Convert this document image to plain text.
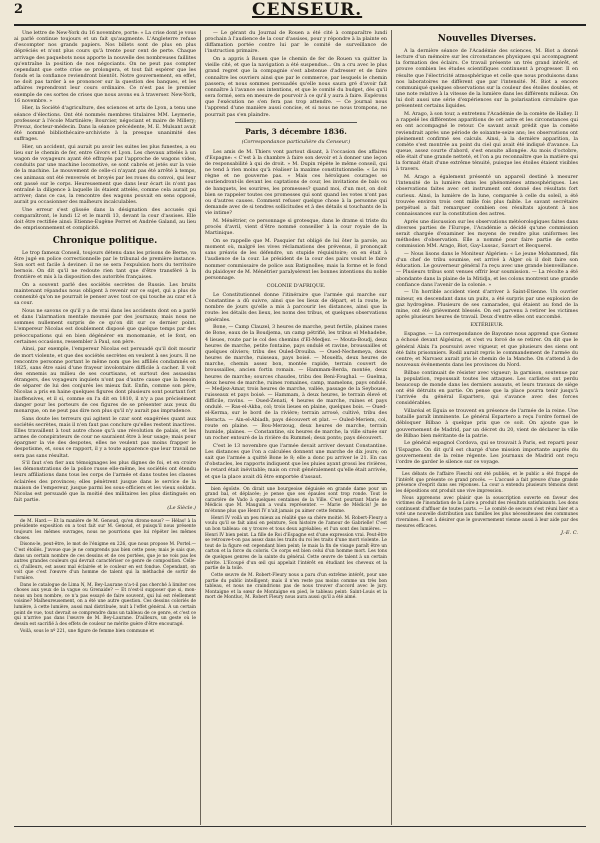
2	CENSEUR.

Une lettre de New-York du 16 novembre, porte: « La crise dont je vous ai parlé continue toujours et un fait qu'augmente. L'Angleterre refuse d'escompter nos grands papiers. Nos billets sont de plus en plus dépréciés et n'ont plus cours qu'à trente pour cent de perte. Chaque arrivage des paquebots nous apporte la nouvelle des nombreuses faillites qu'entraîne la position de nos négociants. On ne peut pas compter cependant que cette crise se prolongera, et tout fait espérer que les fonds et la confiance reviendront bientôt. Notre gouvernement, en effet, ne doit pas tarder à se prononcer sur la question des banques, et les affaires reprendront leur cours ordinaire. Ce n'est pas le premier exemple de ces sortes de crises que nous avons eu à traverser. New-York, 16 novembre. »

Hier, la Société d'agriculture, des sciences et arts de Lyon, a tenu une séance d'élections. Ont été nommés membres titulaires MM. Leymerie, professeur à l'école Martinière; Bourcier, négociant et maire de Millery; Prevaz, docteur-médecin. Dans la séance précédente, M. E. Mulsant avait été nommé bibliothécaire-archiviste à la presque unanimité des suffrages.

Hier, un accident, qui aurait pu avoir les suites les plus funestes, a eu lieu sur le chemin de fer, entre Givors et Lyon. Les chevaux attelés à un wagon de voyageurs ayant été effrayés par l'approche de wagons vides, conduits par une machine locomotive, se sont cabrés et jetés sur la voie de la machine. Le mouvement de celle-ci n'ayant pas été arrêté à temps, ces animaux ont été renversés et broyés par les roues du convoi, qui leur ont passé sur le corps. Heureusement que dans leur écart ils n'ont pas entraîné la diligence à laquelle ils étaient attelés, comme cela aurait pu arriver; dans ce cas, la rencontre des wagons pouvait en sens opposé, aurait pu occasionner des malheurs incalculables.

Une erreur s'est glissée dans la désignation des accusés qui comparaîtront, le lundi 12 et le mardi 13, devant la cour d'assises. Elle doit être rectifiée ainsi: Etienne-Eugène Perret et Andrée Galand, au lieu de: emprisonnement et complicité.

Chronique politique.

Le trop fameux Conseil, toujours détenu dans les prisons de Berne, va être jugé en police correctionnelle par le tribunal de première instance. Son sort est facile à deviner: il ne se sera l'expulsion hors du territoire bernois. On dit qu'il ne redoute rien tant que d'être transféré à la frontière et mis à la disposition des autorités françaises.

On a souvent parlé des sociétés secrètes de Russie. Les bruits maintenant répandus nous obligent à revenir sur ce sujet, qui a plus de connexité qu'on ne pourrait le penser avec tout ce qui touche au czar et à sa cour.

Nous ne savons ce qu'il y a de vrai dans les accidents dont on a parlé et dans l'alarmation mentale mounée par des journaux; mais nous ne sommes nullement surpris de ce qu'on dit sur ce dernier point. L'empereur Nicolas est doublement disposé que quelque temps par des préoccupations qui en bien dégénérer en monomanie, et le font, en certaines occasions, ressembler à Paul, son père.

Ainsi, par exemple, l'empereur Nicolas est persuadé qu'il doit mourir de mort violente, et que des sociétés secrètes en veulent à ses jours. Il ne rencontre personne portant le même nom que les affiliés condamnés en 1825, sans être saisi d'une frayeur involontaire difficile à cacher. Il voit des ennemis au milieu de ses courtisans, et surtout des assassins étrangers, des voyageurs inquiets n'ont pas d'autre cause que la besoin de séparer de lui des conjurés les mieux fait. Enfin, comme son père, Nicolas a pris en haine quelques figures dont plusieurs sont pourtant fort inoffensives, et il si, comme on l'a dit en 1810, il n'y a pas précisément danger pour les porteurs de ces figures de se présenter aux yeux du monarque, on ne peut pas dire non plus qu'il n'y aurait pas imprudence.

Sans doute les terreurs qui agitent le czar sont exagérées quant aux sociétés secrètes, mais il n'en faut pas conclure qu'elles restent inactives. Elles travaillent à tout autre chose qu'à une révolution de palais, et les armes de conspirateurs de cour ne sauraient être à leur usage; mais pour épargner la vie des despotes, elles ne veulent pas moins frapper le despotisme, et, sous ce rapport, il y a toute apparence que leur travail ne sera pas sans résultat.

S'il faut s'en fier aux témoignages les plus dignes de foi, et en croire les démonstrations de la police russe elle-même, les sociétés ont étendu leurs affiliations dans tous les corps de l'armée et dans toutes les classes éclairées des provinces; elles pénètrent jusque dans le service de la maison de l'empereur, jusque parmi les sous-officiers et les vieux soldats. Nicolas est persuadé que la moitié des militaires les plus distingués en fait partie.

(Le Siècle.)

de M. Hard.— Et la manière de M. Genoud, qu'en dirons-nous? — Hélas! à la présidente exposition on a tout fait sur M. Genoud, et puisqu'il nous présente toujours les mêmes ouvrages, nous ne pourrions que lui répéter les mêmes choses.

Disons-le, peut-être, le mot de l'énigme en 226, que nous propose M. Portel.— C'est étoilés. J'avoue que je ne comprends pas bien cette pose; mais je sais que, dans un certain nombre de ces dessins et de ces portées, que je ne vois pas les autres grandes couleurs qui devrait caractériser ce genre de composition. Celle-ci, d'ailleurs, est assez mal éclairée et le couleur en est fondue. Cependant, on voit que c'est l'œuvre d'un homme de talent qui la mèthaché de sortir de l'ornière.

Dans le catalogue de Lima N, M. Bey-Laurane n'a-t-il pas cherché à limiter ces choses aux yeux de la vague ou Grenaide? — Et n'est-il supposer que si, mon-nous un bon nombre, ce n'a pas essayé de faire souvent, qui lui est réellement voisine? Malheureusement, on a été une autre question. Ces dessins coloriés de lumière, à cette lumière, aussi mal distribuée, nuit à l'effet général. À un certain point de vue, tout devrait se comprendre dans un tableau de ce genre, et c'est ce qui n'arrive pas dans l'œuvre de M. Bey-Laurane. D'ailleurs, un geste où le dessin est sacrifié à des effets de couleur ne mérite guère d'être encouragé.

Voilà, sous le nº 221, une figure de femme bien commune et

— Le gérant du Journal de Rouen a été cité à comparaître lundi prochain à l'audience de la cour d'assises, pour y répondre à la plainte en diffamation portée contre lui par le comité de surveillance de l'instruction primaire.

On a appris à Rouen que le chemin de fer de Rouen va quitter la vieille cité, et que la navigation a été suspendue... On a cru avec le plus grand regret que la compagnie s'est abstenue d'adresser et de faire connaître les ouvriers ainsi que par le commerce, par lesquels le chemin passera; et nous sommes persuadés qu'elle nous saura gré d'avoir fait connaître à l'avance ses intentions, et que le comité du budget, dès qu'il sera formé, sera en mesure de pourvoir à ce qu'il y aura à faire. Espérons que l'exécution ne s'en fera pas trop attendre. — Ce journal nous l'apprend d'une manière aussi concise, et si nous ne nous trompons, ne pourrait pas s'en plaindre.

Paris, 3 décembre 1836.
(Correspondance particulière du Censeur.)

Les amis de M. Thiers vont partout disant, à l'occasion des affaires d'Espagne: « C'est à la chambre à faire son devoir et à donner une leçon de responsabilité à qui de droit. » M. Dupin répète le même conseil, qui ne tend à rien moins qu'à réaliser la maxime constitutionnelle: « Le roi règne et ne gouverne pas. » Mais ces héroïques courages se soutiendront-ils devant les captations de cour, les invitations de bals ou de banquets, les sourires, les promesses? quand moi, d'un mot, on doit bien se rappeler toutes ces promesses qui sont quand les votes n'ont pas ou d'autres causes. Comment refuser quelque chose à la personne qui demande avec de si tendres sollicitudes et à des détails si touchants de la vie intime?

M. Ménétrier, ce personnage si grotesque, dans le drame si triste du procès d'avril, vient d'être nommé conseiller à la cour royale de la Martinique.

On se rappelle que M. Pasquier fut obligé de lui ôter la parole, au moment où, malgré les vives réclamations des prévenus, il prononçait sans préavis de les défendre, un stupide réquisitoire; on en était à l'audience de la cour. Le président de la cour des pairs voulut le faire nommer commissaire de police aux Batignolles; mais la forme et le fond du plaidoyer de M. Ménétrier paralysèrent les bonnes intentions du noble personnage.

COLONIE D'AFRIQUE.

Le Constitutionnel donne l'itinéraire que l'armée qui marche sur Constantine a dû suivre, ainsi que les lieux de départ, et la route, le nombre de jours qu'elle a mis à parcourir les distances, ainsi que la route: les détails des lieux, les noms des tribus, et quelques observations générales.

Bone, — Camp Clauzel, 3 heures de marche, peut fertile, plaines rases de Bone, eaux de la Boudjema, un camp pétrifié, les tribus el Mehadebe, 4 lieues, route par le col des chemins d'El-Medjez. — Mouta-Boudj, deux heures de marche, petite fontaine, pays ondulé et ravine, broussailles et quelques oliviers; tribu des Ouled-Drouiba. — Oued-Nechemeya, deux heures de marche, ruisseau, pays boisé. — Mouelfa, deux heures de marche, chemin assez bon, montée rapide, terrain couvert de broussailles, ancien fortin romain. — Hammam-Berda, montée, deux heures de marche; sources chaudes, tribu des Beni-Foughal. — Guelma, deux heures de marche, ruines romaines, camp, mamelons, pays ondulé. — Medjez-Amar, trois heures de marche, vallée, passage de la Seybouse, ruisseaux et pays boisé. — Hammam, à deux heures, le terrain élevé et difficile, ravins. — Oued-Zenati, 4 heures de marche, ruines et pays ondulé. — Ras-el-Akba, col; trois lieues en plaine, quelques bois. — Oued-el-Kerma, sur le bord de la rivière; terrain arrosé, cultivé, tribu des Heracta. — Ain-el-Abiadh, pays découvert et plat. — Ouled-Meriem, col, route en plaine. — Bou-Merzoug, deux heures de marche, terrain humide, plaines. — Constantine, six heures de marche, la ville située sur un rocher entouré de la rivière du Rummel; deux ponts; pays découvert.

C'est le 13 novembre que l'armée devait arriver devant Constantine. Les distances que l'on a calculées donnent une marche de dix jours; on sait que l'armée a quitté Bone le 8; elle a donc pu arriver le 21. En cas d'obstacles, les rapports indiquent que les pluies ayant grossi les rivières, le retard était inévitable; mais on croit généralement qu'elle était arrivée, et que la place avait dû être emportée d'assaut.

bien égoïste. On dirait une bourgeoise déguisée en grande dame pour un grand bal, et déplacée; je pense que ses épaules sont trop ronde. Tout le caractère de Vado à quelques centaines de la Ville. C'est pourtant Marie de Médicis que M. Mauguin a voulu représenter. — Marie de Médicis! Je ne m'étonne plus que Henri IV n'ait jamais pu aimer cette femme.

Henri IV voilà un peu mieux au réalité que sa chère moitié. M. Robert-Fleury a voulu qu'il se fait ainsi en peinture, Son histoire de l'amour de Gabrielle! C'est un bon tableau: on y trouve et tous deux agréables; et l'un sont des lumières. — Henri IV bien peint. La fille de Roi d'Espagne est d'une expression vrai. Peut-être se retrouve-t-on pas assez dans les traits du roi les traits d'une mort violente. Le tout de la figure est cependant bien peint; le mais la fin de visage paraît être un carton et la force du coloris. Ce corps est bien celui d'un homme mort. Les tons de quelques genres de la sainte du général. Cette œuvre de talent à un certain mérite. L'Ecoupé d'un œil qui appelait l'intérêt en étudiant les cheveux et la partie de la toile.

Cette œuvre de M. Robert-Fleury nous a paru d'un extrême intérêt, pour une partie du public intelligent; mais il n'en reste pas moins comme un très bon tableau, et nous ne craindrions pas de nous trouver d'accord avec le jury. Montaigne et la sœur de Montaigne en pied, le tableau peint: Saint-Louis et la mort de Montluc, M. Robert Fleury nous aura aussi qu'il a été aimé.

Nouvelles Diverses.

A la dernière séance de l'Académie des sciences, M. Biot a donné lecture d'un mémoire sur les circonstances physiques qui accompagnent la formation des éclairs. Ce travail présente un très grand intérêt, et prouve combien les études scientifiques continuent à progresser. Il en résulte que l'électricité atmosphérique et celle que nous produisons dans nos laboratoires ne diffèrent que par l'intensité. M. Biot a encore communiqué quelques observations sur la couleur des étoiles doubles, et une note relative à la vitesse de la lumière dans les différents milieux. On lui doit aussi une série d'expériences sur la polarisation circulaire que présentent certains liquides.

M. Arago, à son tour, a entretenu l'Académie de la comète de Halley. Il a rappelé les différentes apparitions de cet astre et les circonstances qui en ont accompagné le retour. Ce savant avait prédit que la comète reviendrait après une période de soixante-seize ans; les observations ont pleinement confirmé ses calculs. Ainsi, à la dernière apparition, la comète s'est montrée au point du ciel qui avait été indiqué d'avance. La queue, assez courte d'abord, s'est ensuite allongée. Au mois d'octobre, elle était d'une grande netteté, et l'on a pu reconnaître que la matière qui la formait était d'une extrême ténuité, puisque les étoiles étaient visibles à travers.

M. Arago a également présenté un appareil destiné à mesurer l'intensité de la lumière dans les phénomènes atmosphériques. Les observations faites avec cet instrument ont donné des résultats fort curieux. Ainsi, la lumière de la lune, comparée à celle du soleil, a été trouvée environ trois cent mille fois plus faible. Le savant secrétaire perpétuel a fait remarquer combien ces résultats ajoutent à nos connaissances sur la constitution des astres.

Après une discussion sur les observations météorologiques faites dans diverses parties de l'Europe, l'Académie a décidé qu'une commission serait chargée d'examiner les moyens de rendre plus uniformes les méthodes d'observation. Elle a nommé pour faire partie de cette commission MM. Arago, Biot, Gay-Lussac, Savart et Becquerel.

— Nous lisons dans le Moniteur Algérien: « Le jeune Mohammed, fils d'un chef de tribu soumise, est arrivé à Alger où il doit faire son éducation. Le gouverneur général l'a reçu avec une grande bienveillance. — Plusieurs tribus sont venues offrir leur soumission. — La récolte a été abondante dans la plaine de la Mitidja, et les colons montrent une grande confiance dans l'avenir de la colonie. »

— Un horrible accident vient d'arriver à Saint-Etienne. Un ouvrier mineur, en descendant dans un puits, a été surpris par une explosion de gaz hydrogène. Plusieurs de ses camarades, qui étaient au fond de la mine, ont été grièvement blessés. On est parvenu à retirer les victimes après plusieurs heures de travail. Deux d'entre elles ont succombé.

EXTÉRIEUR.

Espagne. — La correspondance de Bayonne nous apprend que Gomez a échoué devant Algésiras, et s'est vu forcé de se retirer. On dit que le général Alaix l'a poursuivi avec vigueur, et que plusieurs des siens ont été faits prisonniers. Rodil aurait repris le commandement de l'armée du centre; et Narvaez aurait pris le chemin de la Manche. On s'attend à de nouveaux événements dans les provinces du Nord.

Bilbao continuait de résister avec vigueur; la garnison, soutenue par la population, repoussait toutes les attaques. Les carlistes ont perdu beaucoup de monde dans les derniers assauts, et leurs travaux de siège ont été détruits en partie. On pense que la place pourra tenir jusqu'à l'arrivée du général Espartero, qui s'avance avec des forces considérables.

Villaréal et Eguia se trouvent en présence de l'armée de la reine. Une bataille paraît imminente. Le général Espartero a reçu l'ordre formel de débloquer Bilbao à quelque prix que ce soit. On ajoute que le gouvernement de Madrid, par un décret du 20, vient de déclarer la ville de Bilbao bien méritante de la patrie.

Le général espagnol Cordova, qui se trouvait à Paris, est reparti pour l'Espagne. On dit qu'il est chargé d'une mission importante auprès du gouvernement de la reine régente. Les journaux de Madrid ont reçu l'ordre de garder le silence sur ce voyage.

Les débats de l'affaire Fieschi ont été publiés, et le public a été frappé de l'intérêt que présente ce grand procès. — L'accusé a fait preuve d'une grande présence d'esprit dans ses réponses. La cour a entendu plusieurs témoins dont les dépositions ont produit une vive impression.

Nous apprenons avec plaisir que la souscription ouverte en faveur des victimes de l'inondation de la Loire a produit des résultats satisfaisants. Les dons continuent d'affluer de toutes parts. — Le comité de secours s'est réuni hier et a voté une nouvelle distribution aux familles les plus nécessiteuses des communes riveraines. Il est à désirer que le gouvernement vienne aussi à leur aide par des mesures efficaces.

J.-E. C.
